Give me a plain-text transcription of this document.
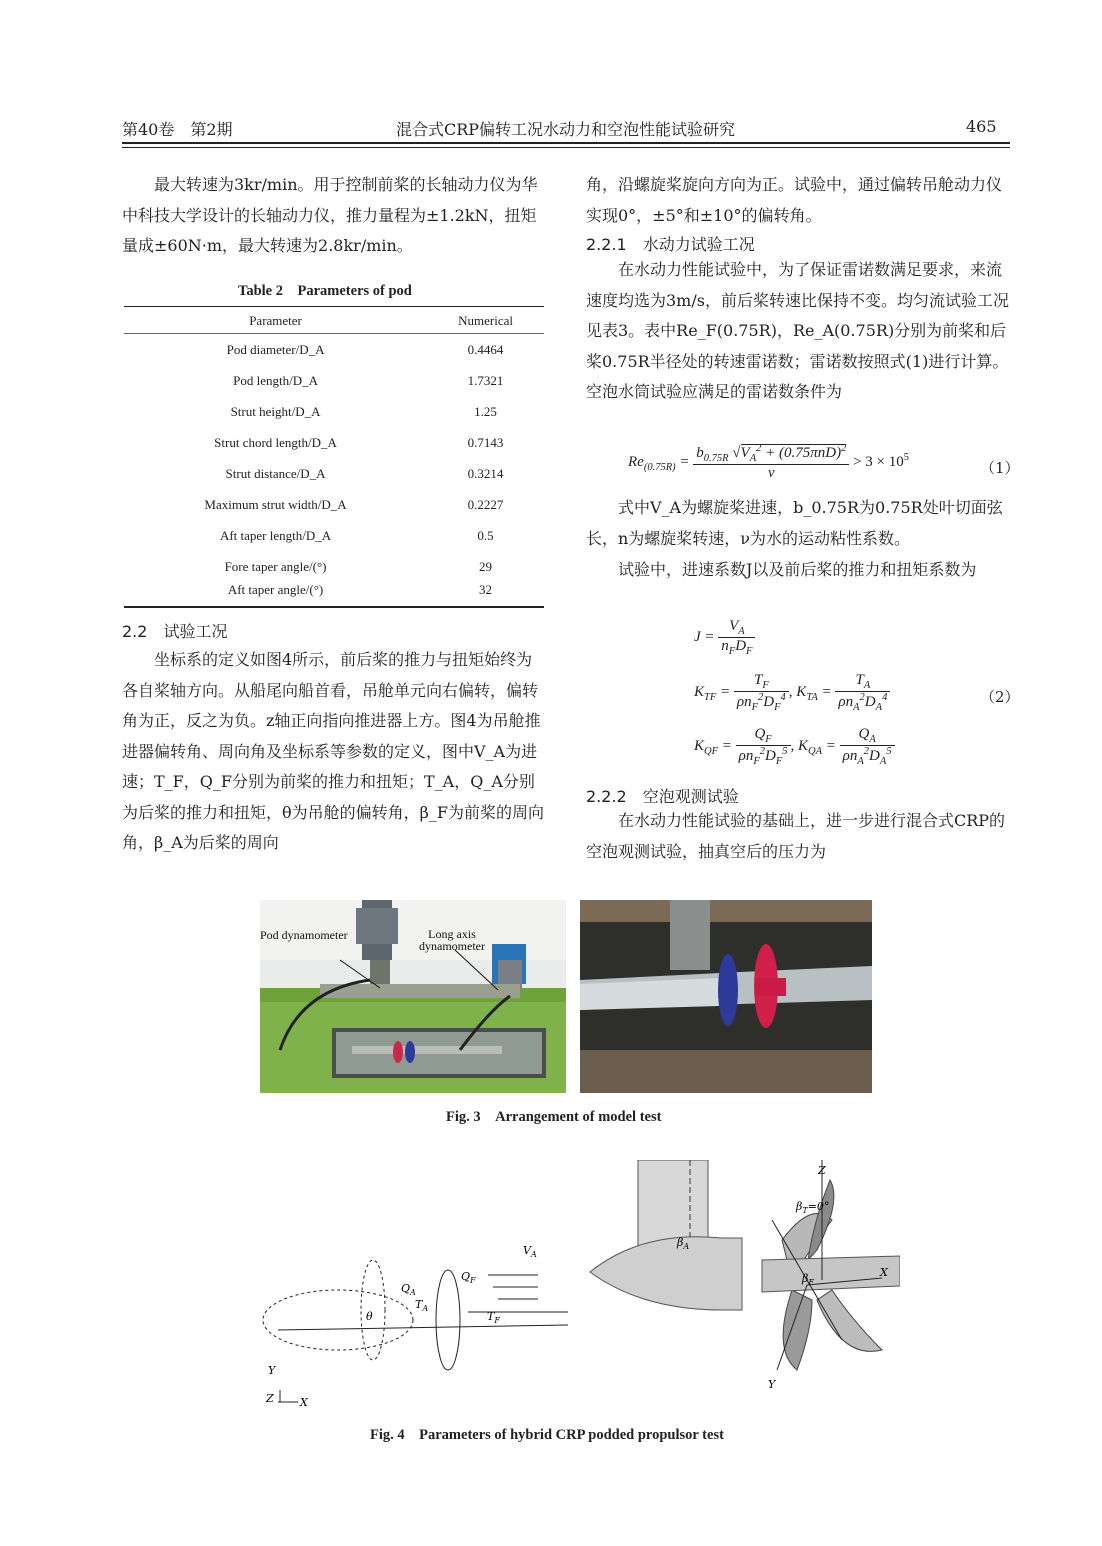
第40卷　第2期	混合式CRP偏转工况水动力和空泡性能试验研究	465

最大转速为3kr/min。用于控制前桨的长轴动力仪为华中科技大学设计的长轴动力仪，推力量程为±1.2kN，扭矩量成±60N·m，最大转速为2.8kr/min。

Table 2　Parameters of pod
Parameter	Numerical
Pod diameter/D_A	0.4464
Pod length/D_A	1.7321
Strut height/D_A	1.25
Strut chord length/D_A	0.7143
Strut distance/D_A	0.3214
Maximum strut width/D_A	0.2227
Aft taper length/D_A	0.5
Fore taper angle/(°)	29
Aft taper angle/(°)	32
2.2　试验工况

坐标系的定义如图4所示，前后桨的推力与扭矩始终为各自桨轴方向。从船尾向船首看，吊舱单元向右偏转，偏转角为正，反之为负。z轴正向指向推进器上方。图4为吊舱推进器偏转角、周向角及坐标系等参数的定义，图中V_A为进速；T_F，Q_F分别为前桨的推力和扭矩；T_A，Q_A分别为后桨的推力和扭矩，θ为吊舱的偏转角，β_F为前桨的周向角，β_A为后桨的周向

角，沿螺旋桨旋向方向为正。试验中，通过偏转吊舱动力仪实现0°，±5°和±10°的偏转角。

2.2.1　水动力试验工况

在水动力性能试验中，为了保证雷诺数满足要求，来流速度均选为3m/s，前后桨转速比保持不变。均匀流试验工况见表3。表中Re_F(0.75R)，Re_A(0.75R)分别为前桨和后桨0.75R半径处的转速雷诺数；雷诺数按照式(1)进行计算。空泡水筒试验应满足的雷诺数条件为

$Re_{(0.75R)} = \frac{b_{0.75R} √V_A^2 + (0.75\pi nD)^2}{\nu} > 3 \times 10^5$
（1）

式中V_A为螺旋桨进速，b_0.75R为0.75R处叶切面弦长，n为螺旋桨转速，ν为水的运动粘性系数。

试验中，进速系数J以及前后桨的推力和扭矩系数为

$J = \frac{V_A}{n_FD_F}$
$K_{TF} = \frac{T_F}{\rho n_F^2D_F^4}$ , $K_{TA} = \frac{T_A}{\rho n_A^2D_A^4}$	（2）
$K_{QF} = \frac{Q_F}{\rho n_F^2D_F^5}$ , $K_{QA} = \frac{Q_A}{\rho n_A^2D_A^5}$
2.2.2　空泡观测试验

在水动力性能试验的基础上，进一步进行混合式CRP的空泡观测试验，抽真空后的压力为

Pod dynamometer	Long axis dynamometer
Fig. 3　Arrangement of model test
$V_A$
$Q_A$
$Q_F$
$T_A$
$T_F$
θ
Y
Z X
Z
X
Y
$\beta_A$
$\beta_F$
$\beta_T=0^\circ$
Fig. 4　Parameters of hybrid CRP podded propulsor test
